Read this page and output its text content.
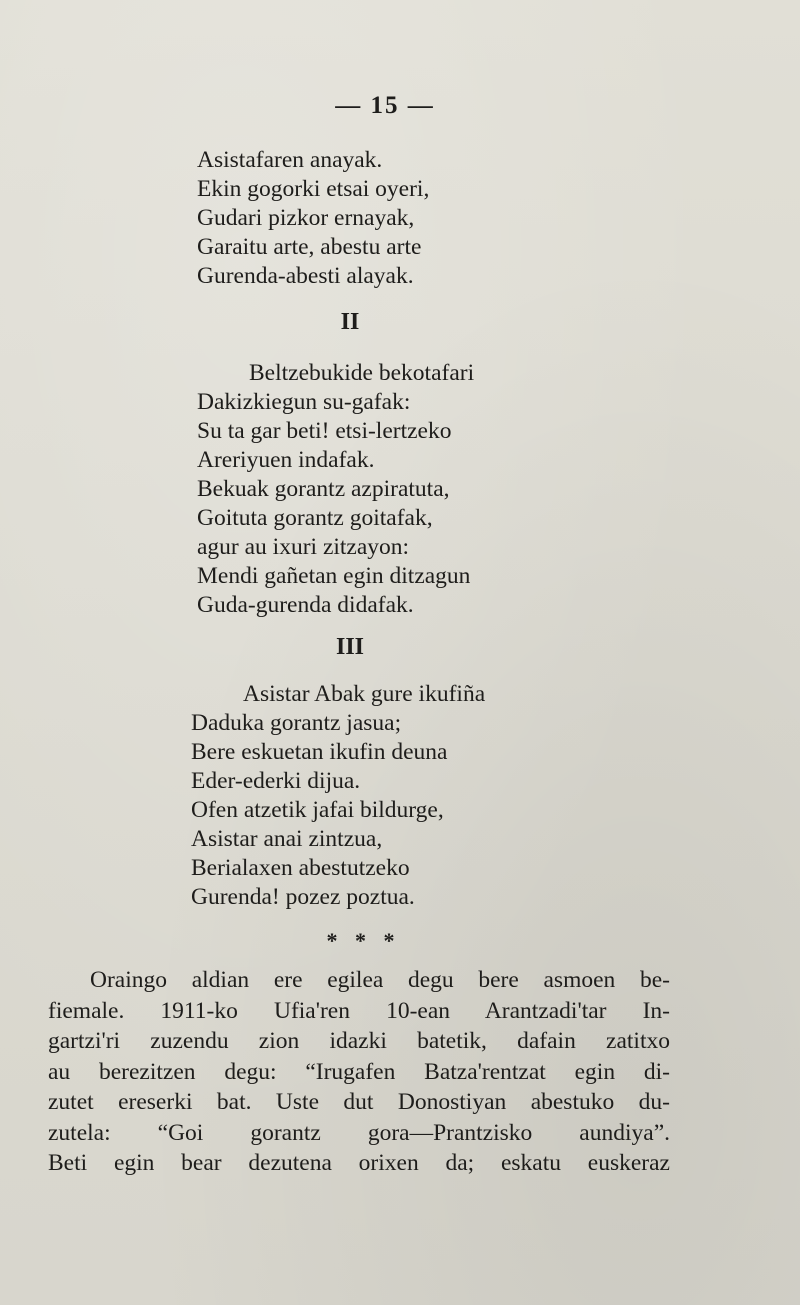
— 15 —
Asistafaren anayak.
Ekin gogorki etsai oyeri,
Gudari pizkor ernayak,
Garaitu arte, abestu arte
Gurenda-abesti alayak.
II
Beltzebukide bekotafari
Dakizkiegun su-gafak:
Su ta gar beti! etsi-lertzeko
Areriyuen indafak.
Bekuak gorantz azpiratuta,
Goituta gorantz goitafak,
agur au ixuri zitzayon:
Mendi gañetan egin ditzagun
Guda-gurenda didafak.
III
Asistar Abak gure ikufiña
Daduka gorantz jasua;
Bere eskuetan ikufin deuna
Eder-ederki dijua.
Ofen atzetik jafai bildurge,
Asistar anai zintzua,
Berialaxen abestutzeko
Gurenda! pozez poztua.
* * *
Oraingo aldian ere egilea degu bere asmoen be-
fiemale. 1911-ko Ufia'ren 10-ean Arantzadi'tar In-
gartzi'ri zuzendu zion idazki batetik, dafain zatitxo
au berezitzen degu: “Irugafen Batza'rentzat egin di-
zutet ereserki bat. Uste dut Donostiyan abestuko du-
zutela: “Goi gorantz gora—Prantzisko aundiya”.
Beti egin bear dezutena orixen da; eskatu euskeraz
